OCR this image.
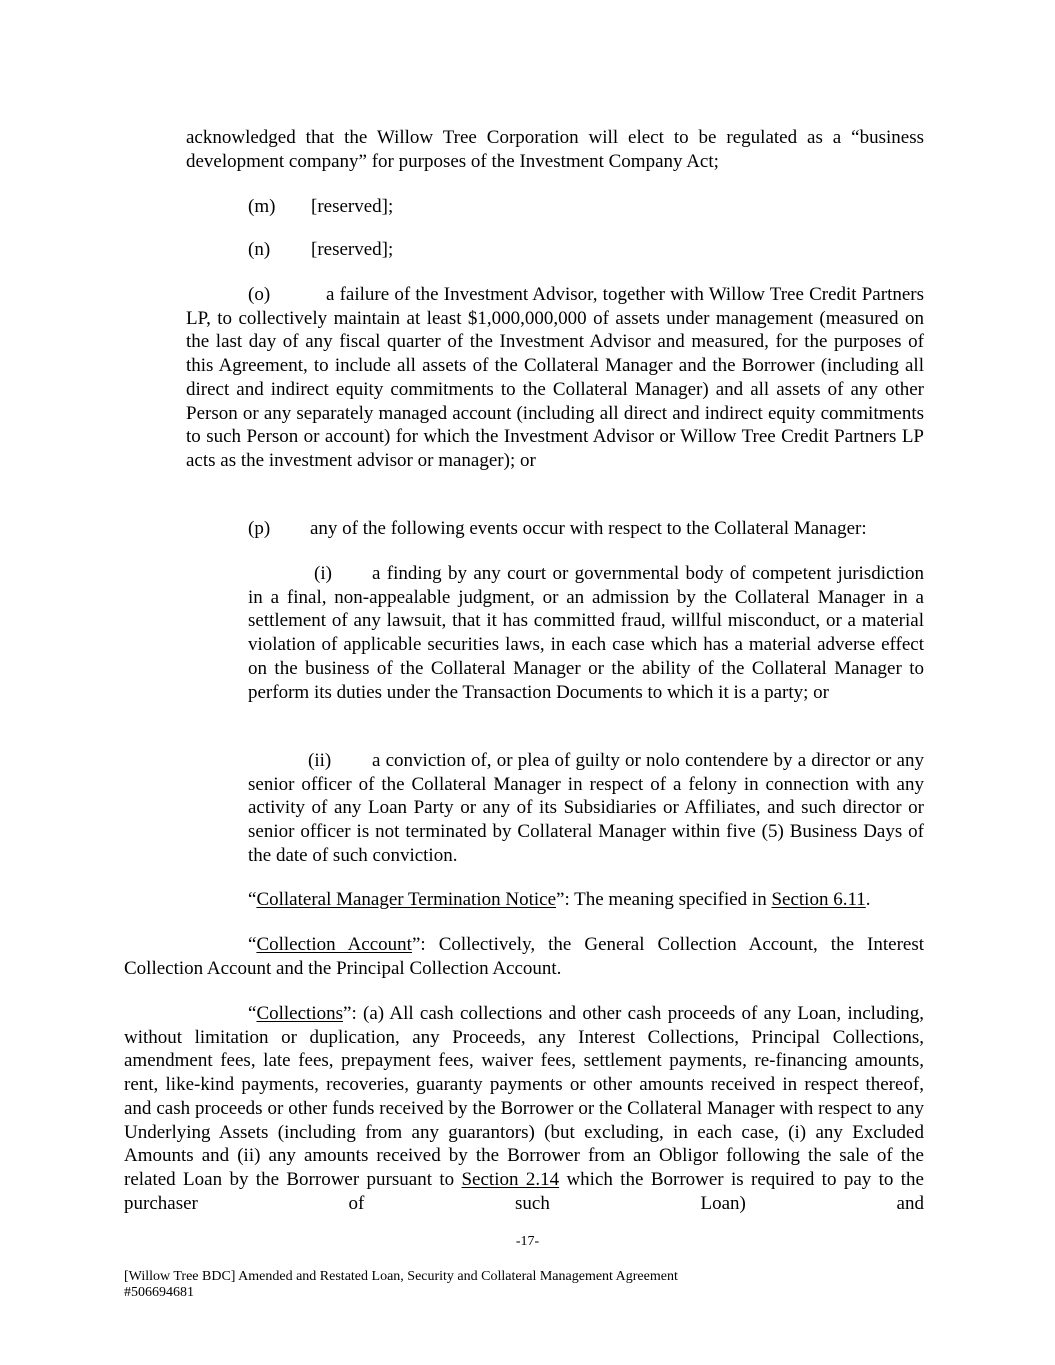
acknowledged that the Willow Tree Corporation will elect to be regulated as a “business development company” for purposes of the Investment Company Act;

(m) [reserved];

(n) [reserved];

(o)	a failure of the Investment Advisor, together with Willow Tree Credit Partners LP, to collectively maintain at least $1,000,000,000 of assets under management (measured on the last day of any fiscal quarter of the Investment Advisor and measured, for the purposes of this Agreement, to include all assets of the Collateral Manager and the Borrower (including all direct and indirect equity commitments to the Collateral Manager) and all assets of any other Person or any separately managed account (including all direct and indirect equity commitments to such Person or account) for which the Investment Advisor or Willow Tree Credit Partners LP acts as the investment advisor or manager); or

(p) any of the following events occur with respect to the Collateral Manager:

(i) a finding by any court or governmental body of competent jurisdiction in a final, non-appealable judgment, or an admission by the Collateral Manager in a settlement of any lawsuit, that it has committed fraud, willful misconduct, or a material violation of applicable securities laws, in each case which has a material adverse effect on the business of the Collateral Manager or the ability of the Collateral Manager to perform its duties under the Transaction Documents to which it is a party; or

(ii) a conviction of, or plea of guilty or nolo contendere by a director or any senior officer of the Collateral Manager in respect of a felony in connection with any activity of any Loan Party or any of its Subsidiaries or Affiliates, and such director or senior officer is not terminated by Collateral Manager within five (5) Business Days of the date of such conviction.

“Collateral Manager Termination Notice”: The meaning specified in Section 6.11.

“Collection Account”: Collectively, the General Collection Account, the Interest Collection Account and the Principal Collection Account.

“Collections”: (a) All cash collections and other cash proceeds of any Loan, including, without limitation or duplication, any Proceeds, any Interest Collections, Principal Collections, amendment fees, late fees, prepayment fees, waiver fees, settlement payments, re-financing amounts, rent, like-kind payments, recoveries, guaranty payments or other amounts received in respect thereof, and cash proceeds or other funds received by the Borrower or the Collateral Manager with respect to any Underlying Assets (including from any guarantors) (but excluding, in each case, (i) any Excluded Amounts and (ii) any amounts received by the Borrower from an Obligor following the sale of the related Loan by the Borrower pursuant to Section 2.14 which the Borrower is required to pay to the purchaser of such Loan) and

-17-
[Willow Tree BDC] Amended and Restated Loan, Security and Collateral Management Agreement
#506694681
